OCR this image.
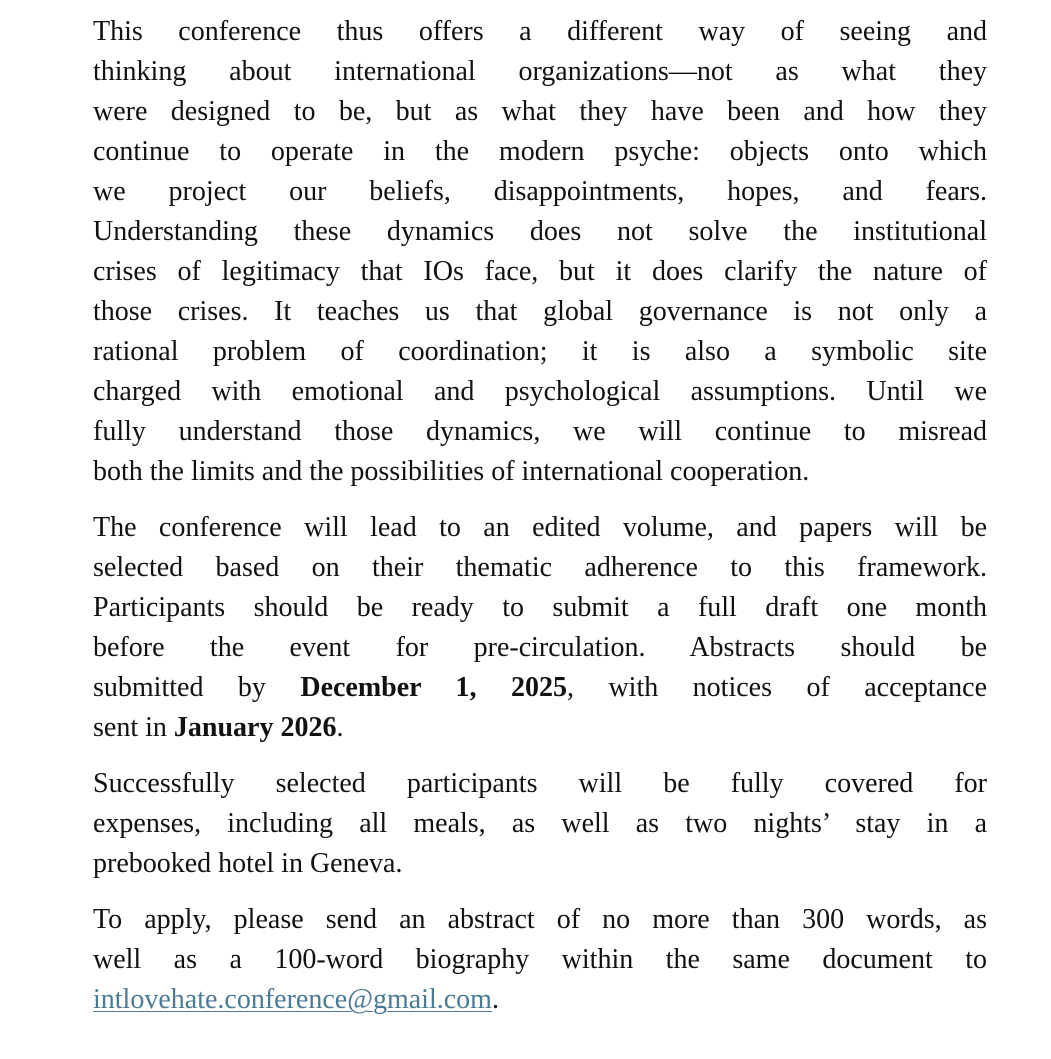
This conference thus offers a different way of seeing and
thinking about international organizations—not as what they
were designed to be, but as what they have been and how they
continue to operate in the modern psyche: objects onto which
we project our beliefs, disappointments, hopes, and fears.
Understanding these dynamics does not solve the institutional
crises of legitimacy that IOs face, but it does clarify the nature of
those crises. It teaches us that global governance is not only a
rational problem of coordination; it is also a symbolic site
charged with emotional and psychological assumptions. Until we
fully understand those dynamics, we will continue to misread
both the limits and the possibilities of international cooperation.
The conference will lead to an edited volume, and papers will be
selected based on their thematic adherence to this framework.
Participants should be ready to submit a full draft one month
before the event for pre-circulation. Abstracts should be
submitted by December 1, 2025, with notices of acceptance
sent in January 2026.
Successfully selected participants will be fully covered for
expenses, including all meals, as well as two nights’ stay in a
prebooked hotel in Geneva.
To apply, please send an abstract of no more than 300 words, as
well as a 100-word biography within the same document to
intlovehate.conference@gmail.com.
